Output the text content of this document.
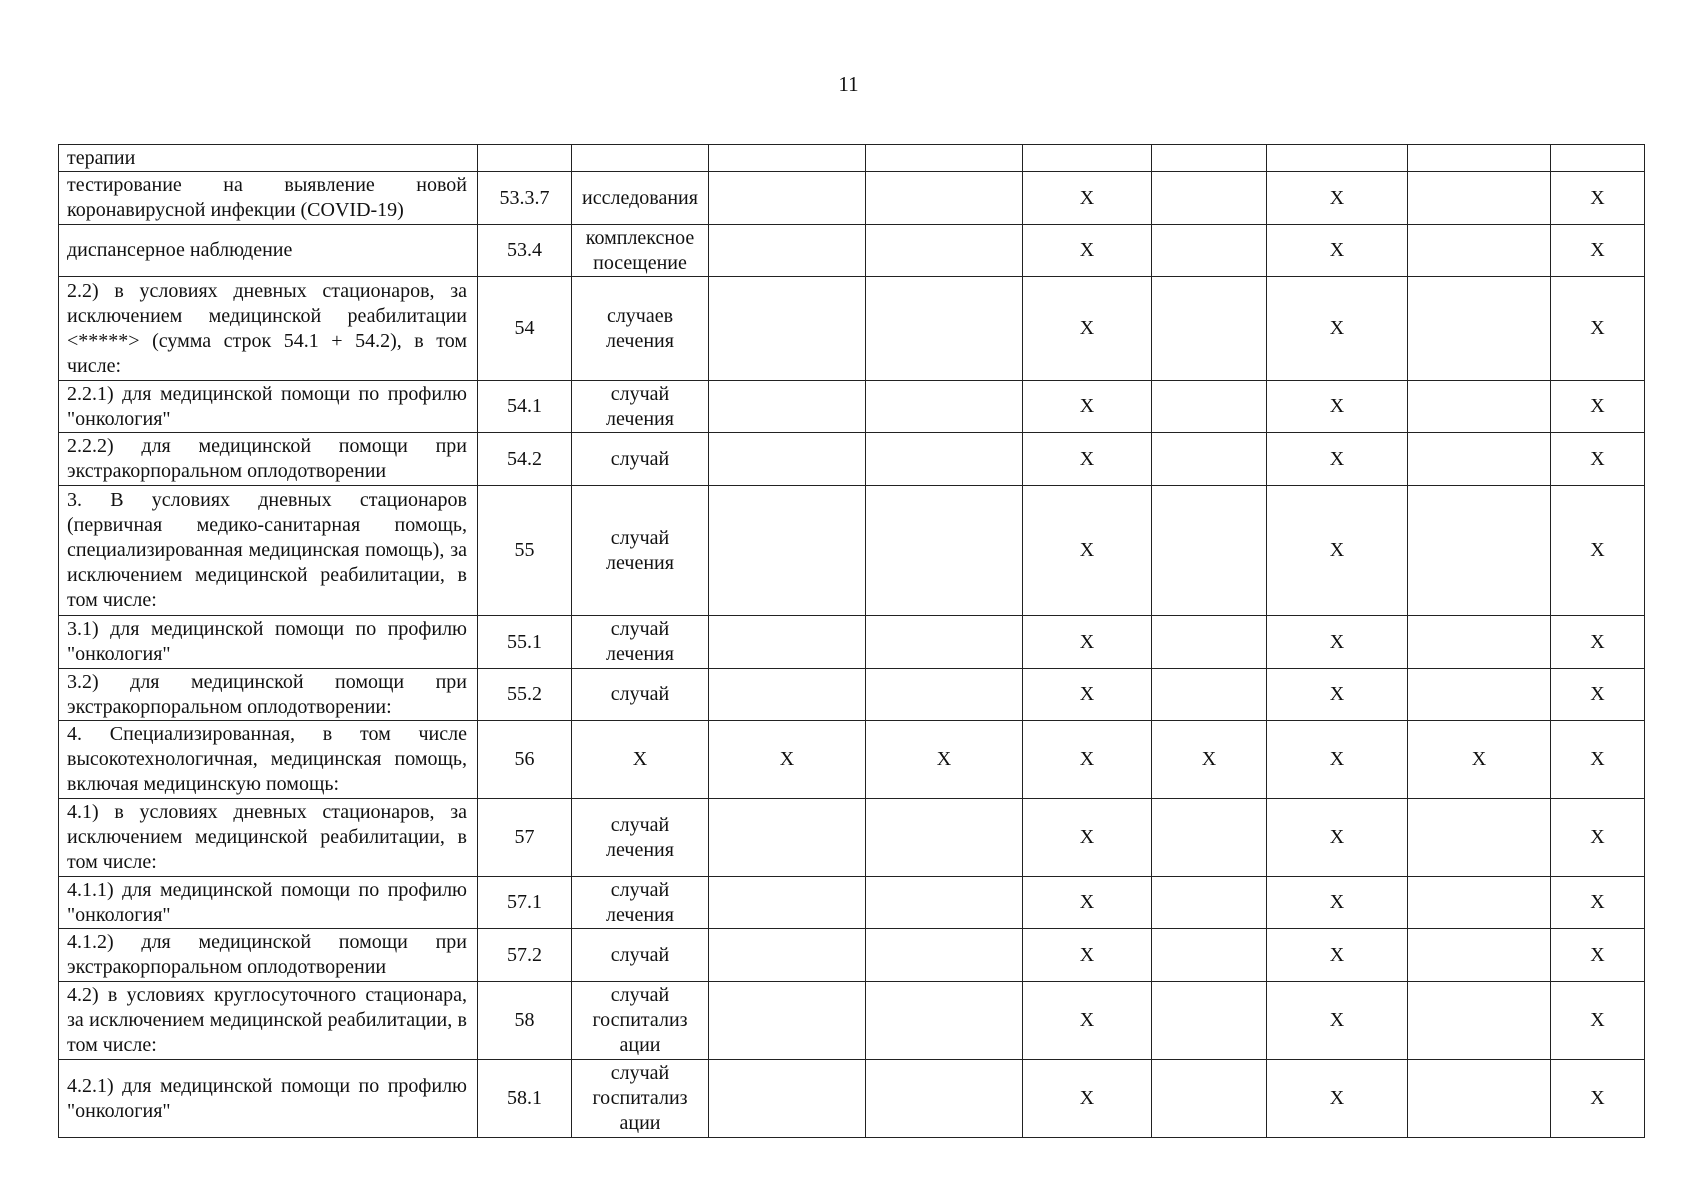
11
терапии									
тестирование на выявление новой коронавирусной инфекции (COVID-19)	53.3.7	исследования			X		X		X
диспансерное наблюдение	53.4	комплексное посещение			X		X		X
2.2) в условиях дневных стационаров, за исключением медицинской реабилитации <*****> (сумма строк 54.1 + 54.2), в том числе:	54	случаев лечения			X		X		X
2.2.1) для медицинской помощи по профилю "онкология"	54.1	случай лечения			X		X		X
2.2.2) для медицинской помощи при экстракорпоральном оплодотворении	54.2	случай			X		X		X
3. В условиях дневных стационаров (первичная медико-санитарная помощь, специализированная медицинская помощь), за исключением медицинской реабилитации, в том числе:	55	случай лечения			X		X		X
3.1) для медицинской помощи по профилю "онкология"	55.1	случай лечения			X		X		X
3.2) для медицинской помощи при экстракорпоральном оплодотворении:	55.2	случай			X		X		X
4. Специализированная, в том числе высокотехнологичная, медицинская помощь, включая медицинскую помощь:	56	X	X	X	X	X	X	X	X
4.1) в условиях дневных стационаров, за исключением медицинской реабилитации, в том числе:	57	случай лечения			X		X		X
4.1.1) для медицинской помощи по профилю "онкология"	57.1	случай лечения			X		X		X
4.1.2) для медицинской помощи при экстракорпоральном оплодотворении	57.2	случай			X		X		X
4.2) в условиях круглосуточного стационара, за исключением медицинской реабилитации, в том числе:	58	случай госпитализ ации			X		X		X
4.2.1) для медицинской помощи по профилю "онкология"	58.1	случай госпитализ ации			X		X		X
